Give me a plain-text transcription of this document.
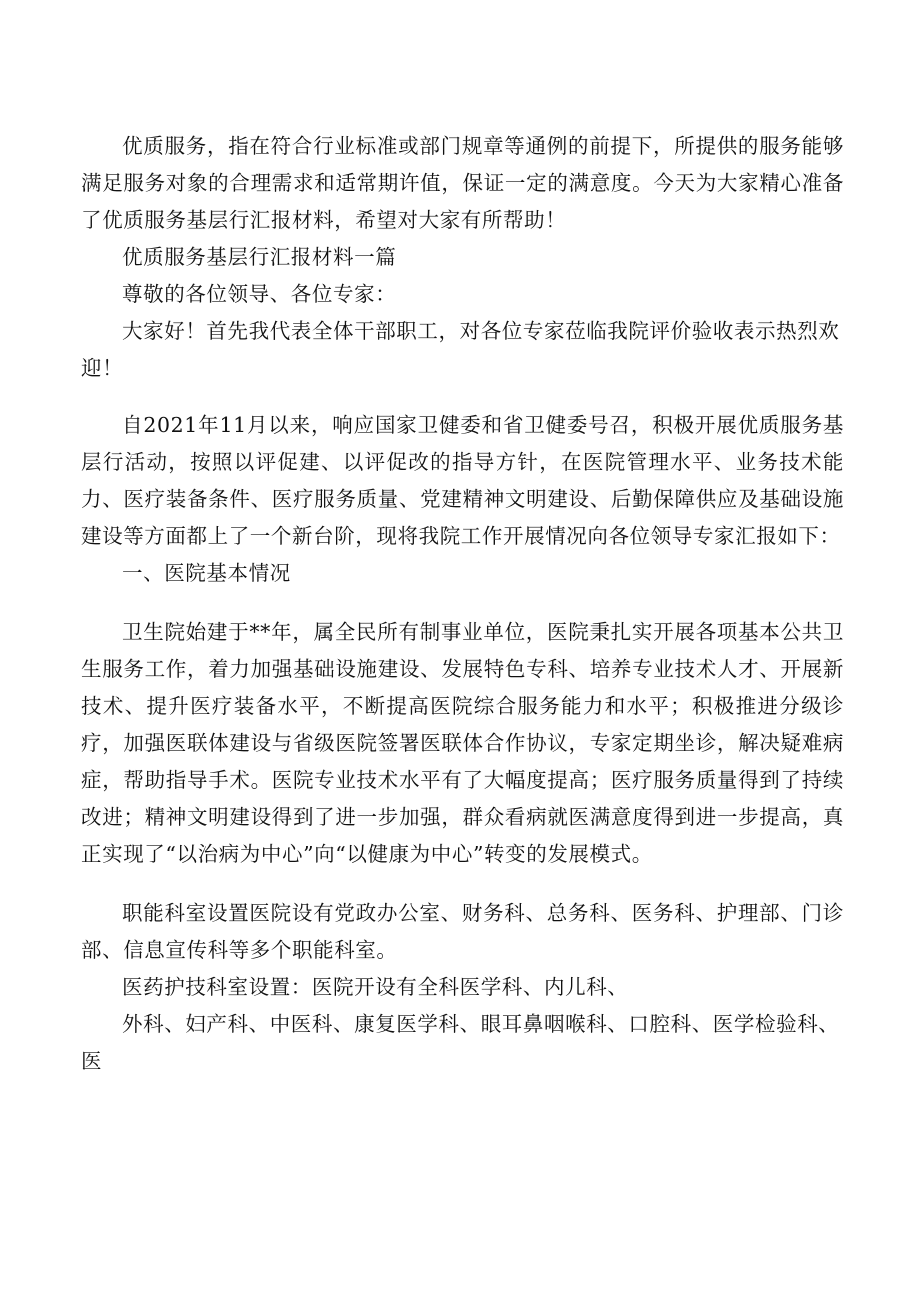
优质服务，指在符合行业标准或部门规章等通例的前提下，所提供的服务能够满足服务对象的合理需求和适常期许值，保证一定的满意度。今天为大家精心准备了优质服务基层行汇报材料，希望对大家有所帮助！

优质服务基层行汇报材料一篇

尊敬的各位领导、各位专家：

大家好！首先我代表全体干部职工，对各位专家莅临我院评价验收表示热烈欢迎！

自2021年11月以来，响应国家卫健委和省卫健委号召，积极开展优质服务基层行活动，按照以评促建、以评促改的指导方针，在医院管理水平、业务技术能力、医疗装备条件、医疗服务质量、党建精神文明建设、后勤保障供应及基础设施建设等方面都上了一个新台阶，现将我院工作开展情况向各位领导专家汇报如下：

一、医院基本情况

卫生院始建于**年，属全民所有制事业单位，医院秉扎实开展各项基本公共卫生服务工作，着力加强基础设施建设、发展特色专科、培养专业技术人才、开展新技术、提升医疗装备水平，不断提高医院综合服务能力和水平；积极推进分级诊疗，加强医联体建设与省级医院签署医联体合作协议，专家定期坐诊，解决疑难病症，帮助指导手术。医院专业技术水平有了大幅度提高；医疗服务质量得到了持续改进；精神文明建设得到了进一步加强，群众看病就医满意度得到进一步提高，真正实现了“以治病为中心”向“以健康为中心”转变的发展模式。

职能科室设置医院设有党政办公室、财务科、总务科、医务科、护理部、门诊部、信息宣传科等多个职能科室。

医药护技科室设置：医院开设有全科医学科、内儿科、

外科、妇产科、中医科、康复医学科、眼耳鼻咽喉科、口腔科、医学检验科、医
